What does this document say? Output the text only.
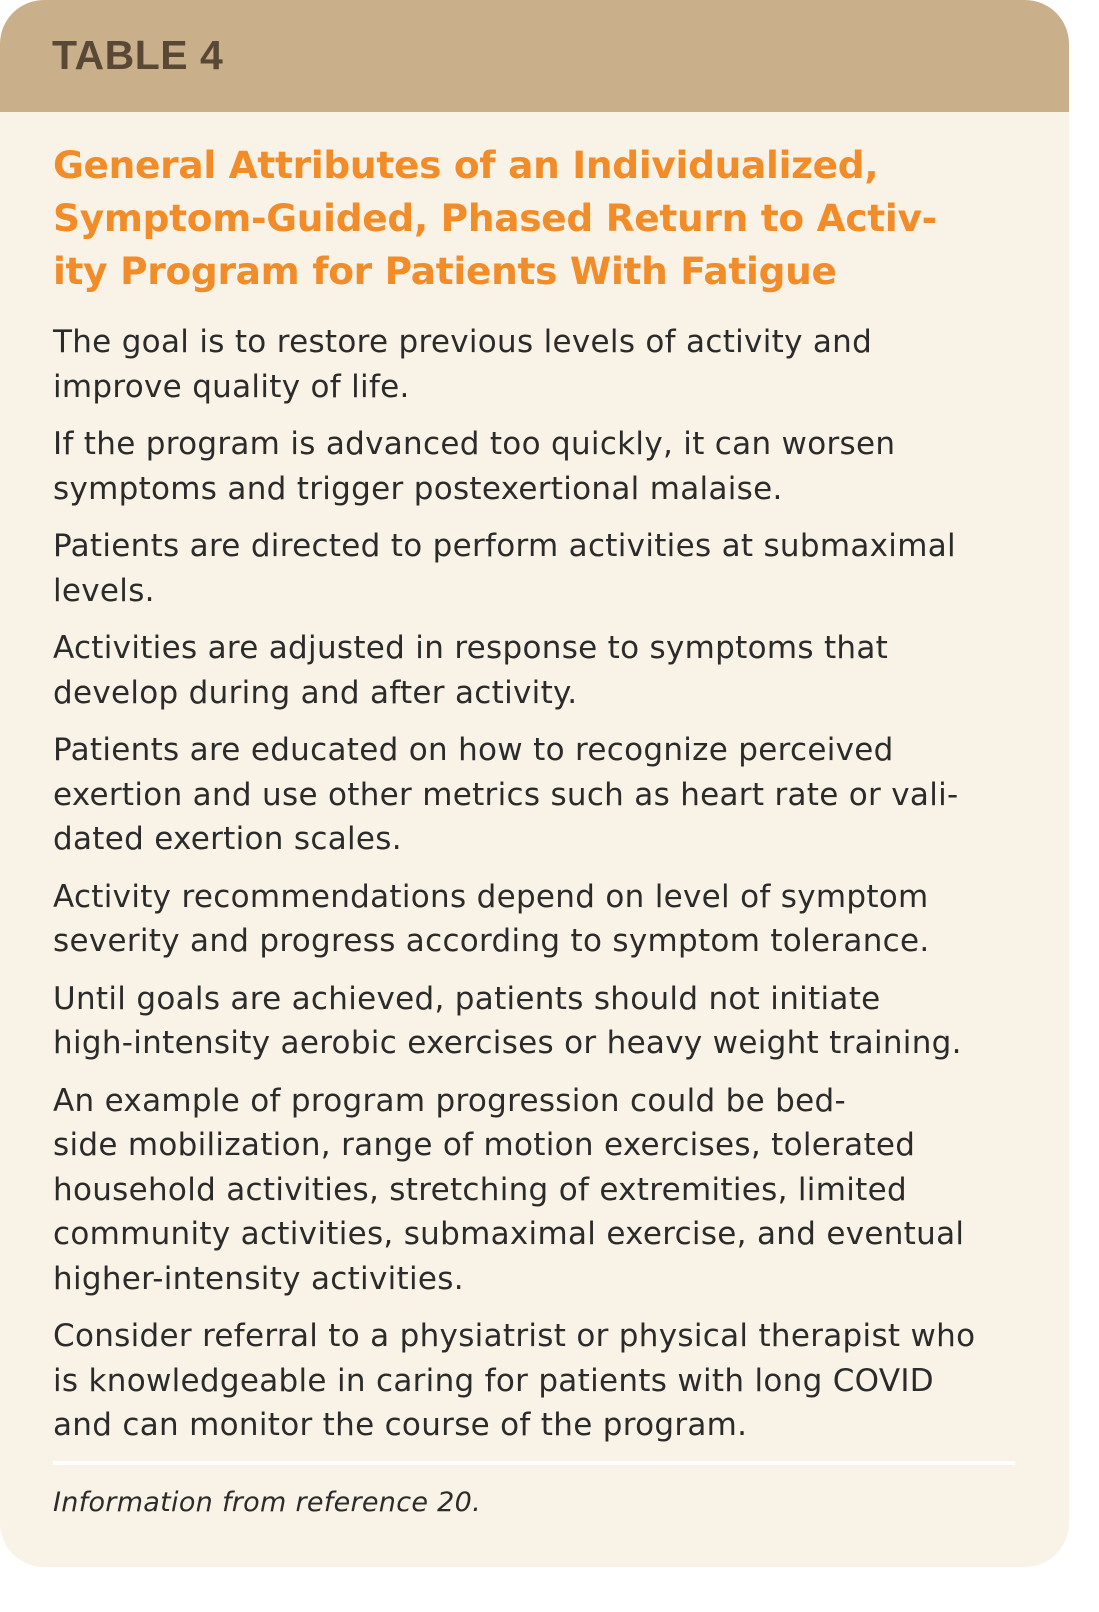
TABLE 4
General Attributes of an Individualized,
Symptom-Guided, Phased Return to Activ-
ity Program for Patients With Fatigue
The goal is to restore previous levels of activity and
improve quality of life.
If the program is advanced too quickly, it can worsen
symptoms and trigger postexertional malaise.
Patients are directed to perform activities at submaximal
levels.
Activities are adjusted in response to symptoms that
develop during and after activity.
Patients are educated on how to recognize perceived
exertion and use other metrics such as heart rate or vali-
dated exertion scales.
Activity recommendations depend on level of symptom
severity and progress according to symptom tolerance.
Until goals are achieved, patients should not initiate
high-intensity aerobic exercises or heavy weight training.
An example of program progression could be bed-
side mobilization, range of motion exercises, tolerated
household activities, stretching of extremities, limited
community activities, submaximal exercise, and eventual
higher-intensity activities.
Consider referral to a physiatrist or physical therapist who
is knowledgeable in caring for patients with long COVID
and can monitor the course of the program.
Information from reference 20.
